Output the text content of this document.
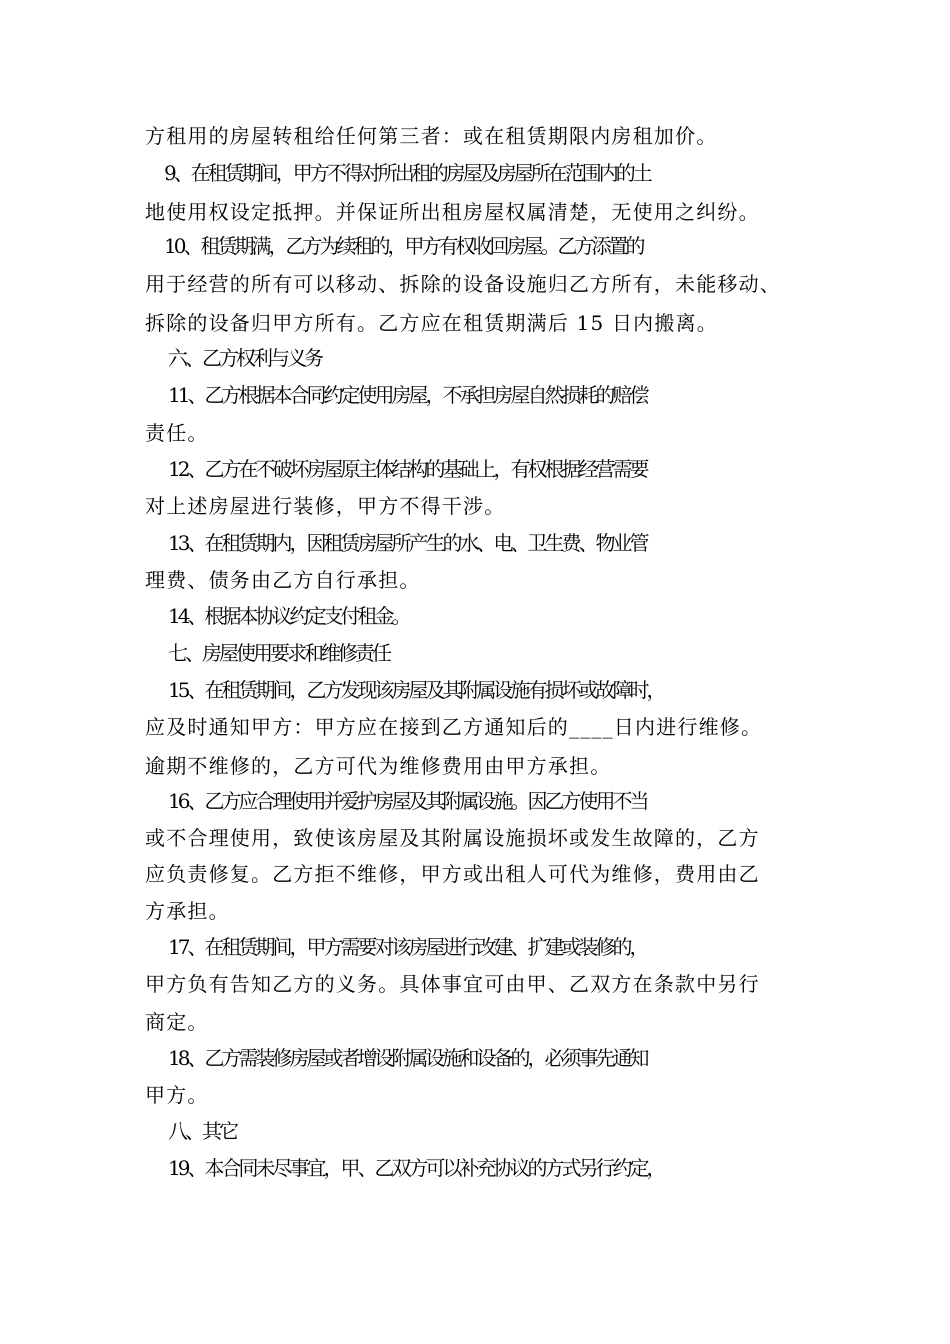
方租用的房屋转租给任何第三者：或在租赁期限内房租加价。
9、在租赁期间，甲方不得对所出租的房屋及房屋所在范围内的土
地使用权设定抵押。并保证所出租房屋权属清楚，无使用之纠纷。
10、租赁期满，乙方为续租的，甲方有权收回房屋。乙方添置的
用于经营的所有可以移动、拆除的设备设施归乙方所有，未能移动、
拆除的设备归甲方所有。乙方应在租赁期满后 15 日内搬离。
六、乙方权利与义务
11、乙方根据本合同约定使用房屋，不承担房屋自然损耗的赔偿
责任。
12、乙方在不破坏房屋原主体结构的基础上，有权根据经营需要
对上述房屋进行装修，甲方不得干涉。
13、在租赁期内，因租赁房屋所产生的水、电、卫生费、物业管
理费、债务由乙方自行承担。
14、根据本协议约定支付租金。
七、房屋使用要求和维修责任
15、在租赁期间，乙方发现该房屋及其附属设施有损坏或故障时，
应及时通知甲方：甲方应在接到乙方通知后的____日内进行维修。
逾期不维修的，乙方可代为维修费用由甲方承担。
16、乙方应合理使用并爱护房屋及其附属设施。因乙方使用不当
或不合理使用，致使该房屋及其附属设施损坏或发生故障的，乙方
应负责修复。乙方拒不维修，甲方或出租人可代为维修，费用由乙
方承担。
17、在租赁期间，甲方需要对该房屋进行改建、扩建或装修的，
甲方负有告知乙方的义务。具体事宜可由甲、乙双方在条款中另行
商定。
18、乙方需装修房屋或者增设附属设施和设备的，必须事先通知
甲方。
八、其它
19、本合同未尽事宜，甲、乙双方可以补充协议的方式另行约定，
